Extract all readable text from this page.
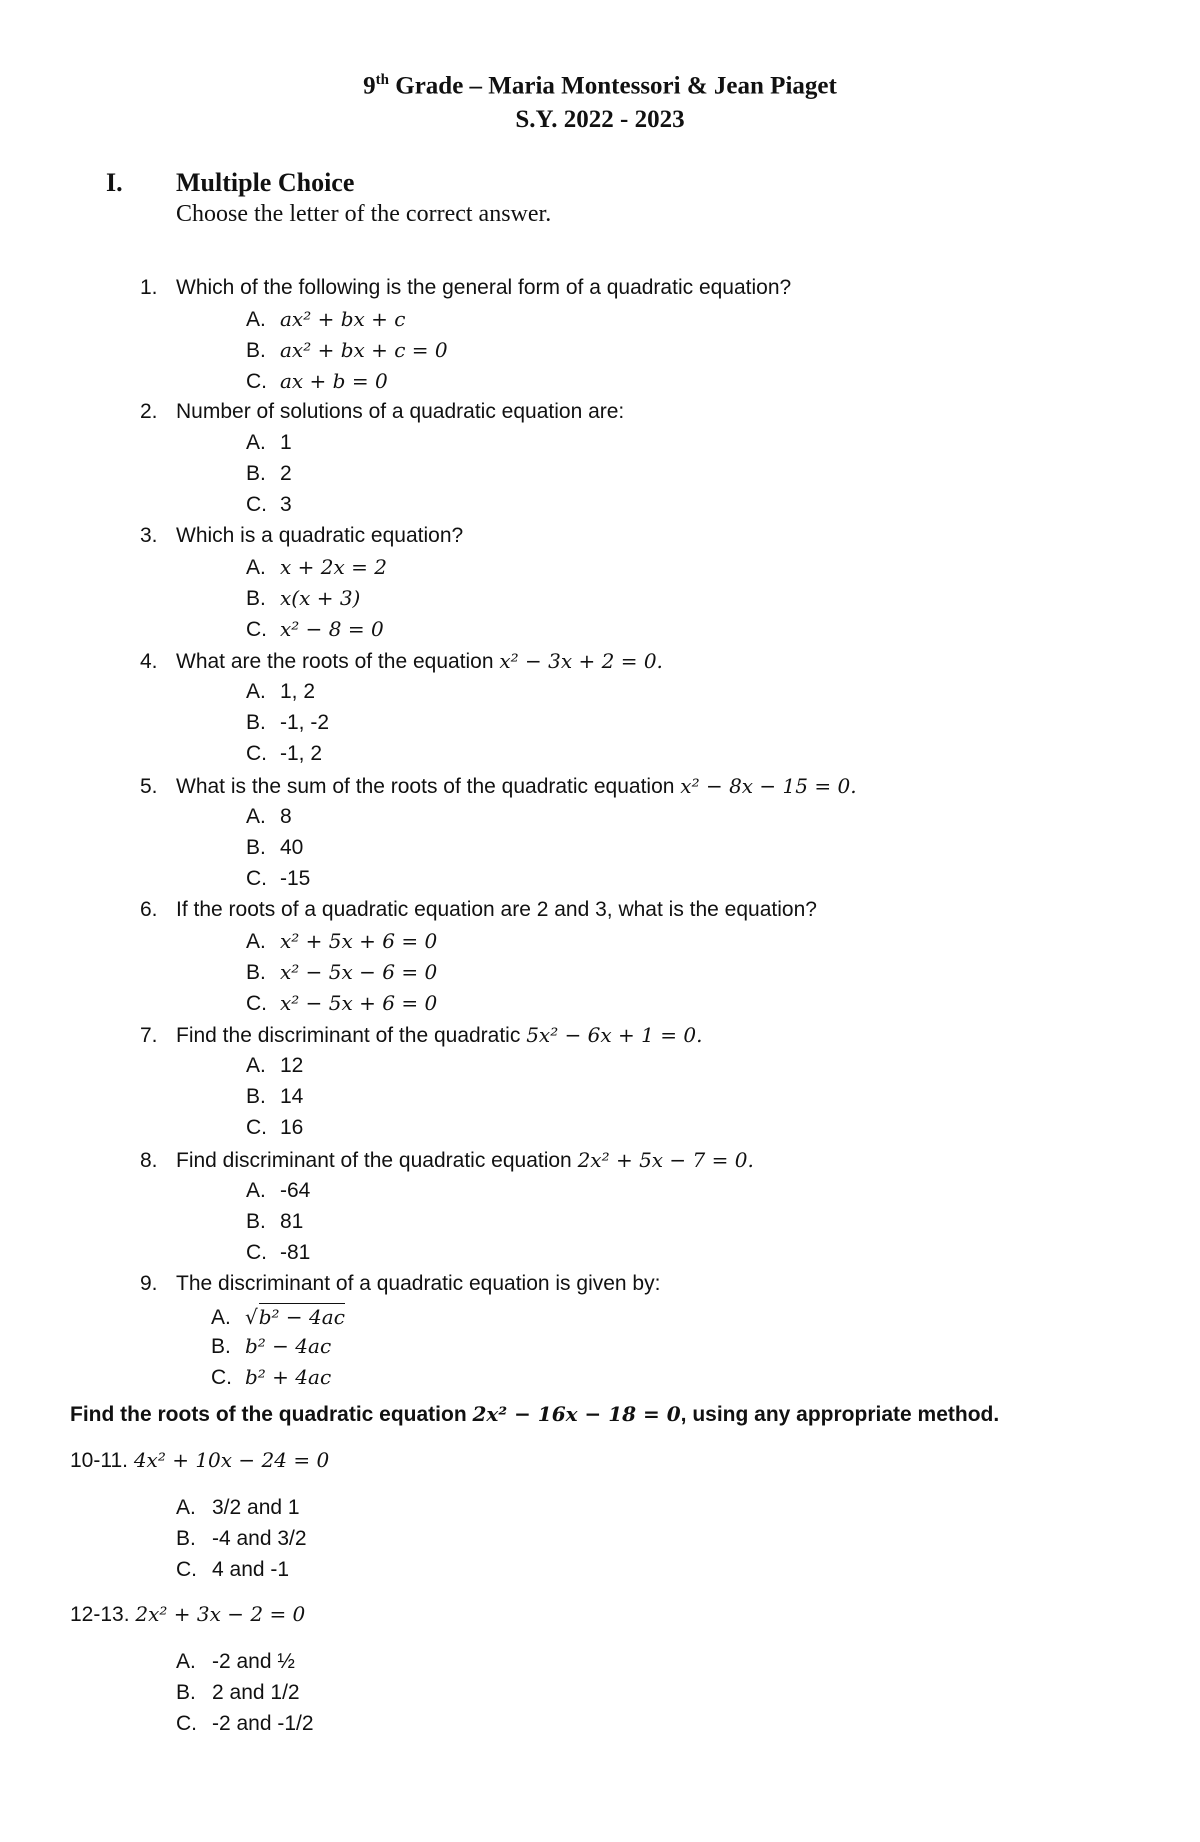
9th Grade – Maria Montessori & Jean Piaget
S.Y. 2022 - 2023
I. Multiple Choice
Choose the letter of the correct answer.
1. Which of the following is the general form of a quadratic equation?
A. ax² + bx + c
B. ax² + bx + c = 0
C. ax + b = 0
2. Number of solutions of a quadratic equation are:
A. 1
B. 2
C. 3
3. Which is a quadratic equation?
A. x + 2x = 2
B. x(x + 3)
C. x² − 8 = 0
4. What are the roots of the equation x² − 3x + 2 = 0.
A. 1, 2
B. -1, -2
C. -1, 2
5. What is the sum of the roots of the quadratic equation x² − 8x − 15 = 0.
A. 8
B. 40
C. -15
6. If the roots of a quadratic equation are 2 and 3, what is the equation?
A. x² + 5x + 6 = 0
B. x² − 5x − 6 = 0
C. x² − 5x + 6 = 0
7. Find the discriminant of the quadratic 5x² − 6x + 1 = 0.
A. 12
B. 14
C. 16
8. Find discriminant of the quadratic equation 2x² + 5x − 7 = 0.
A. -64
B. 81
C. -81
9. The discriminant of a quadratic equation is given by:
A. √b² − 4ac
B. b² − 4ac
C. b² + 4ac
Find the roots of the quadratic equation 2x² − 16x − 18 = 0, using any appropriate method.
10-11. 4x² + 10x − 24 = 0
A. 3/2 and 1
B. -4 and 3/2
C. 4 and -1
12-13. 2x² + 3x − 2 = 0
A. -2 and ½
B. 2 and 1/2
C. -2 and -1/2
